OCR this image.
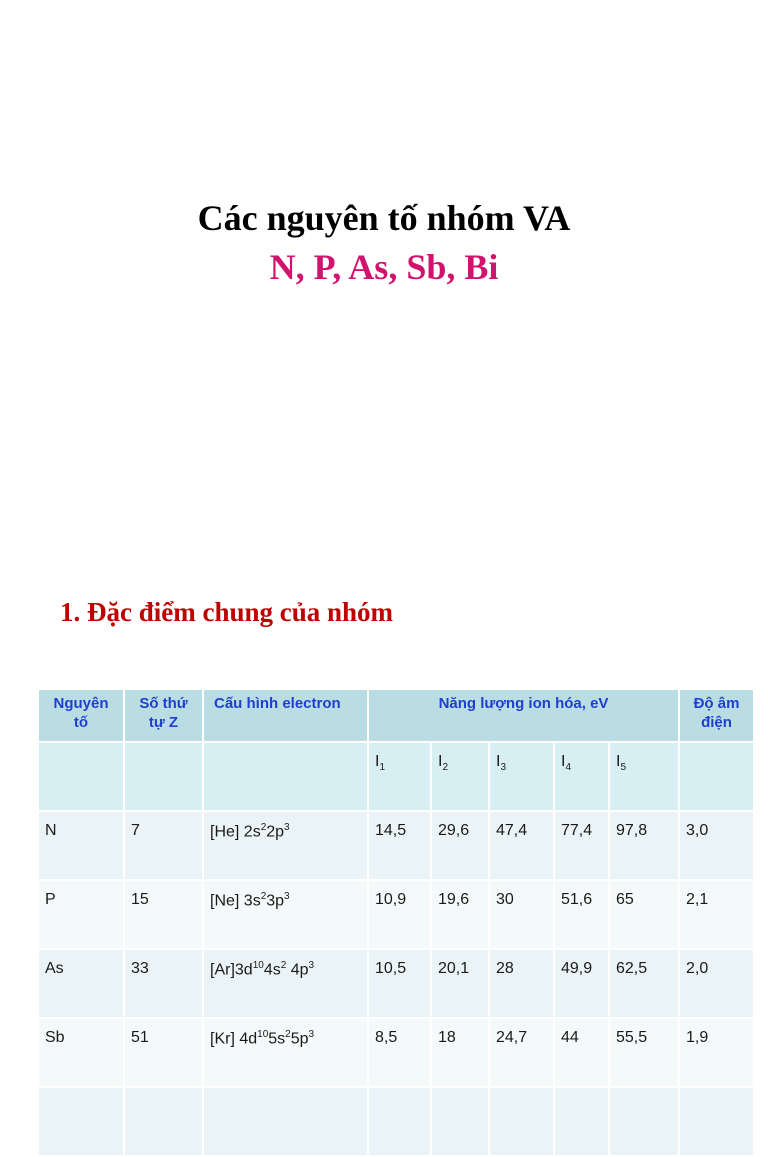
Các nguyên tố nhóm VA
N, P, As, Sb, Bi
1. Đặc điểm chung của nhóm
Nguyên tố	Số thứ tự Z	Cấu hình electron	Năng lượng ion hóa, eV					Độ âm điện
			$I_1$	$I_2$	$I_3$	$I_4$	$I_5$	
N	7	[He] $2s^22p^3$	14,5	29,6	47,4	77,4	97,8	3,0
P	15	[Ne] $3s^23p^3$	10,9	19,6	30	51,6	65	2,1
As	33	$[Ar]3d^{10}4s^2$ $4p^3$	10,5	20,1	28	49,9	62,5	2,0
Sb	51	[Kr] $4d^{10}5s^25p^3$	8,5	18	24,7	44	55,5	1,9
